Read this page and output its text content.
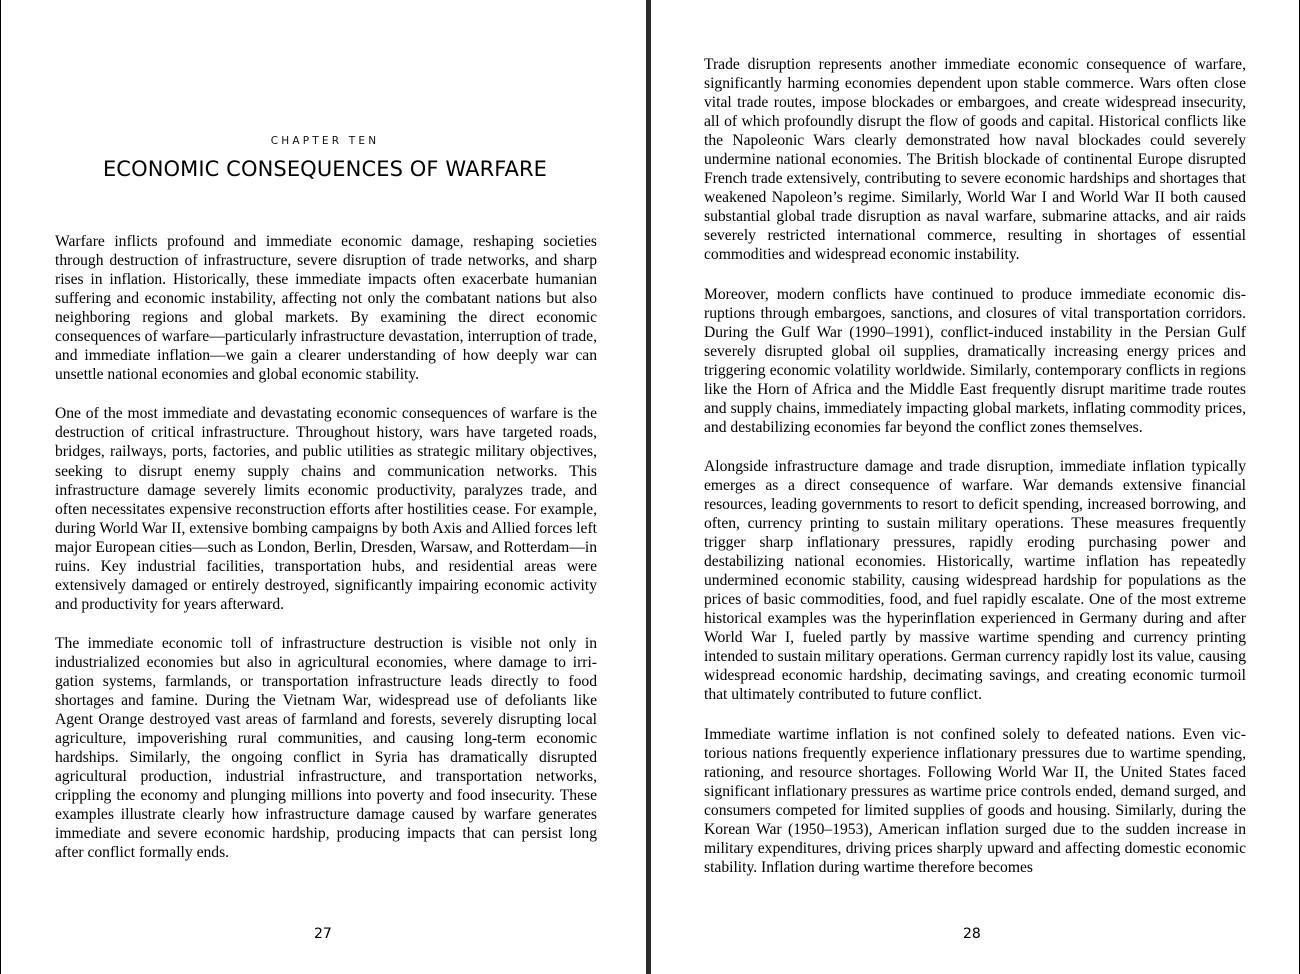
CHAPTER TEN
ECONOMIC CONSEQUENCES OF WARFARE

Warfare inflicts profound and immediate economic damage, reshaping societies through destruction of infrastructure, severe disruption of trade networks, and sharp rises in inflation. Historically, these immediate impacts often exacerbate humanian suffering and economic instability, affecting not only the combatant nations but also neighboring regions and global markets. By examining the direct economic consequences of warfare—particularly infrastructure devastation, interruption of trade, and immediate inflation—we gain a clearer understanding of how deeply war can unsettle national economies and global economic stability.

One of the most immediate and devastating economic consequences of warfare is the destruction of critical infrastructure. Throughout history, wars have targeted roads, bridges, railways, ports, factories, and public utilities as strategic military objectives, seeking to disrupt enemy supply chains and communication networks. This infrastructure damage severely limits economic productivity, paralyzes trade, and often necessitates expensive reconstruction efforts after hostilities cease. For example, during World War II, extensive bombing campaigns by both Axis and Allied forces left major European cities—such as London, Berlin, Dresden, Warsaw, and Rotterdam—in ruins. Key industrial facilities, transportation hubs, and residential areas were extensively damaged or entirely destroyed, significantly impairing economic activity and productivity for years afterward.

The immediate economic toll of infrastructure destruction is visible not only in industrialized economies but also in agricultural economies, where damage to irrigation systems, farmlands, or transportation infrastructure leads directly to food shortages and famine. During the Vietnam War, widespread use of defoliants like Agent Orange destroyed vast areas of farmland and forests, severely disrupting local agriculture, impoverishing rural communities, and causing long-term economic hardships. Similarly, the ongoing conflict in Syria has dramatically disrupted agricultural production, industrial infrastructure, and transportation networks, crippling the economy and plunging millions into poverty and food insecurity. These examples illustrate clearly how infrastructure damage caused by warfare generates immediate and severe economic hardship, producing impacts that can persist long after conflict formally ends.

27

Trade disruption represents another immediate economic consequence of warfare, significantly harming economies dependent upon stable commerce. Wars often close vital trade routes, impose blockades or embargoes, and create widespread insecurity, all of which profoundly disrupt the flow of goods and capital. Historical conflicts like the Napoleonic Wars clearly demonstrated how naval blockades could severely undermine national economies. The British blockade of continental Europe disrupted French trade extensively, contributing to severe economic hardships and shortages that weakened Napoleon’s regime. Similarly, World War I and World War II both caused substantial global trade disruption as naval warfare, submarine attacks, and air raids severely restricted international commerce, resulting in shortages of essential commodities and widespread economic instability.

Moreover, modern conflicts have continued to produce immediate economic disruptions through embargoes, sanctions, and closures of vital transportation corridors. During the Gulf War (1990–1991), conflict-induced instability in the Persian Gulf severely disrupted global oil supplies, dramatically increasing energy prices and triggering economic volatility worldwide. Similarly, contemporary conflicts in regions like the Horn of Africa and the Middle East frequently disrupt maritime trade routes and supply chains, immediately impacting global markets, inflating commodity prices, and destabilizing economies far beyond the conflict zones themselves.

Alongside infrastructure damage and trade disruption, immediate inflation typically emerges as a direct consequence of warfare. War demands extensive financial resources, leading governments to resort to deficit spending, increased borrowing, and often, currency printing to sustain military operations. These measures frequently trigger sharp inflationary pressures, rapidly eroding purchasing power and destabilizing national economies. Historically, wartime inflation has repeatedly undermined economic stability, causing widespread hardship for populations as the prices of basic commodities, food, and fuel rapidly escalate. One of the most extreme historical examples was the hyperinflation experienced in Germany during and after World War I, fueled partly by massive wartime spending and currency printing intended to sustain military operations. German currency rapidly lost its value, causing widespread economic hardship, decimating savings, and creating economic turmoil that ultimately contributed to future conflict.

Immediate wartime inflation is not confined solely to defeated nations. Even victorious nations frequently experience inflationary pressures due to wartime spending, rationing, and resource shortages. Following World War II, the United States faced significant inflationary pressures as wartime price controls ended, demand surged, and consumers competed for limited supplies of goods and housing. Similarly, during the Korean War (1950–1953), American inflation surged due to the sudden increase in military expenditures, driving prices sharply upward and affecting domestic economic stability. Inflation during wartime therefore becomes

28
